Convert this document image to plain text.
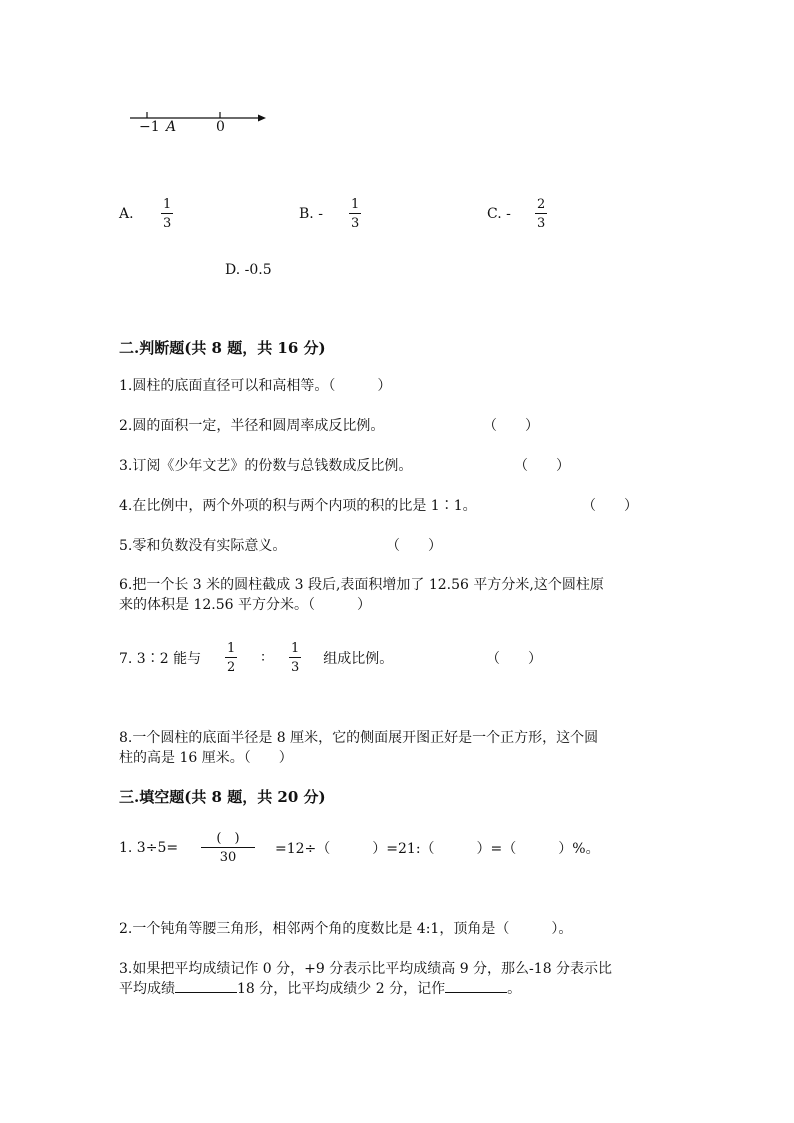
−1 A	0
A.	$\frac{1}{3}$	B. -	$\frac{1}{3}$	C. -	$\frac{2}{3}$
D. -0.5
二.判断题(共 8 题，共 16 分)
1.圆柱的底面直径可以和高相等。（　　　）
2.圆的面积一定，半径和圆周率成反比例。	（　　）
3.订阅《少年文艺》的份数与总钱数成反比例。	（　　）
4.在比例中，两个外项的积与两个内项的积的比是 1∶1。	（　　）
5.零和负数没有实际意义。	（　　）
6.把一个长 3 米的圆柱截成 3 段后,表面积增加了 12.56 平方分米,这个圆柱原
来的体积是 12.56 平方分米。（　　　）
7. 3∶2 能与	$\frac{1}{2}$ ∶ $\frac{1}{3}$ 组成比例。	（　　）
8.一个圆柱的底面半径是 8 厘米，它的侧面展开图正好是一个正方形，这个圆
柱的高是 16 厘米。（　　）
三.填空题(共 8 题，共 20 分)
1. 3÷5=	$\frac{( )}{30} =12\div$（　　　）=21:（　　　）=（　　　）%。
2.一个钝角等腰三角形，相邻两个角的度数比是 4:1，顶角是（　　　）。
3.如果把平均成绩记作 0 分，+9 分表示比平均成绩高 9 分，那么-18 分表示比
平均成绩	18 分，比平均成绩少 2 分，记作	。
